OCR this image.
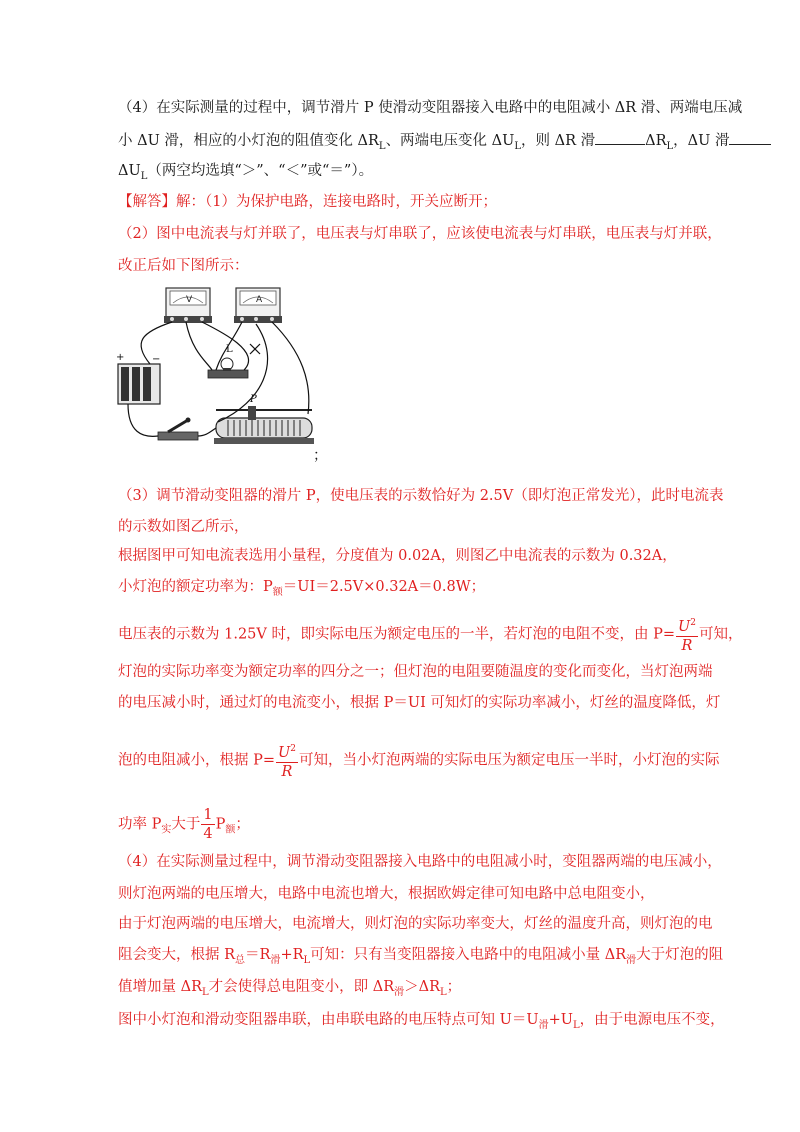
（4）在实际测量的过程中，调节滑片 P 使滑动变阻器接入电路中的电阻减小 ΔR 滑、两端电压减
小 ΔU 滑，相应的小灯泡的阻值变化 $\Delta R_L$、两端电压变化 $\Delta U_L$，则 ΔR 滑	$\Delta R_L$，ΔU 滑
$\Delta U_L$（两空均选填“＞”、“＜”或“＝”）。
【解答】解：（1）为保护电路，连接电路时，开关应断开；
（2）图中电流表与灯并联了，电压表与灯串联了，应该使电流表与灯串联，电压表与灯并联，
改正后如下图所示：
V	A
+	−
L
P
；
（3）调节滑动变阻器的滑片 P，使电压表的示数恰好为 2.5V（即灯泡正常发光），此时电流表
的示数如图乙所示，
根据图甲可知电流表选用小量程，分度值为 0.02A，则图乙中电流表的示数为 0.32A，
小灯泡的额定功率为：$P_额=UI=2.5V\times 0.32A=0.8W$；
电压表的示数为 1.25V 时，即实际电压为额定电压的一半，若灯泡的电阻不变，由 $P= \frac{U^2}{R}$ 可知，
灯泡的实际功率变为额定功率的四分之一；但灯泡的电阻要随温度的变化而变化，当灯泡两端
的电压减小时，通过灯的电流变小，根据 P＝UI 可知灯的实际功率减小，灯丝的温度降低，灯
泡的电阻减小，根据 $P= \frac{U^2}{R}$ 可知，当小灯泡两端的实际电压为额定电压一半时，小灯泡的实际
功率 $P_实$大于 $\frac{1}{4} P_额$；
（4）在实际测量过程中，调节滑动变阻器接入电路中的电阻减小时，变阻器两端的电压减小，
则灯泡两端的电压增大，电路中电流也增大，根据欧姆定律可知电路中总电阻变小，
由于灯泡两端的电压增大，电流增大，则灯泡的实际功率变大，灯丝的温度升高，则灯泡的电
阻会变大，根据 $R_总=R_滑+R_L$可知：只有当变阻器接入电路中的电阻减小量 $\Delta R_滑$大于灯泡的阻
值增加量 $\Delta R_L$才会使得总电阻变小，即 $\Delta R_滑>\Delta R_L$；
图中小灯泡和滑动变阻器串联，由串联电路的电压特点可知 $U=U_滑+U_L$，由于电源电压不变，
